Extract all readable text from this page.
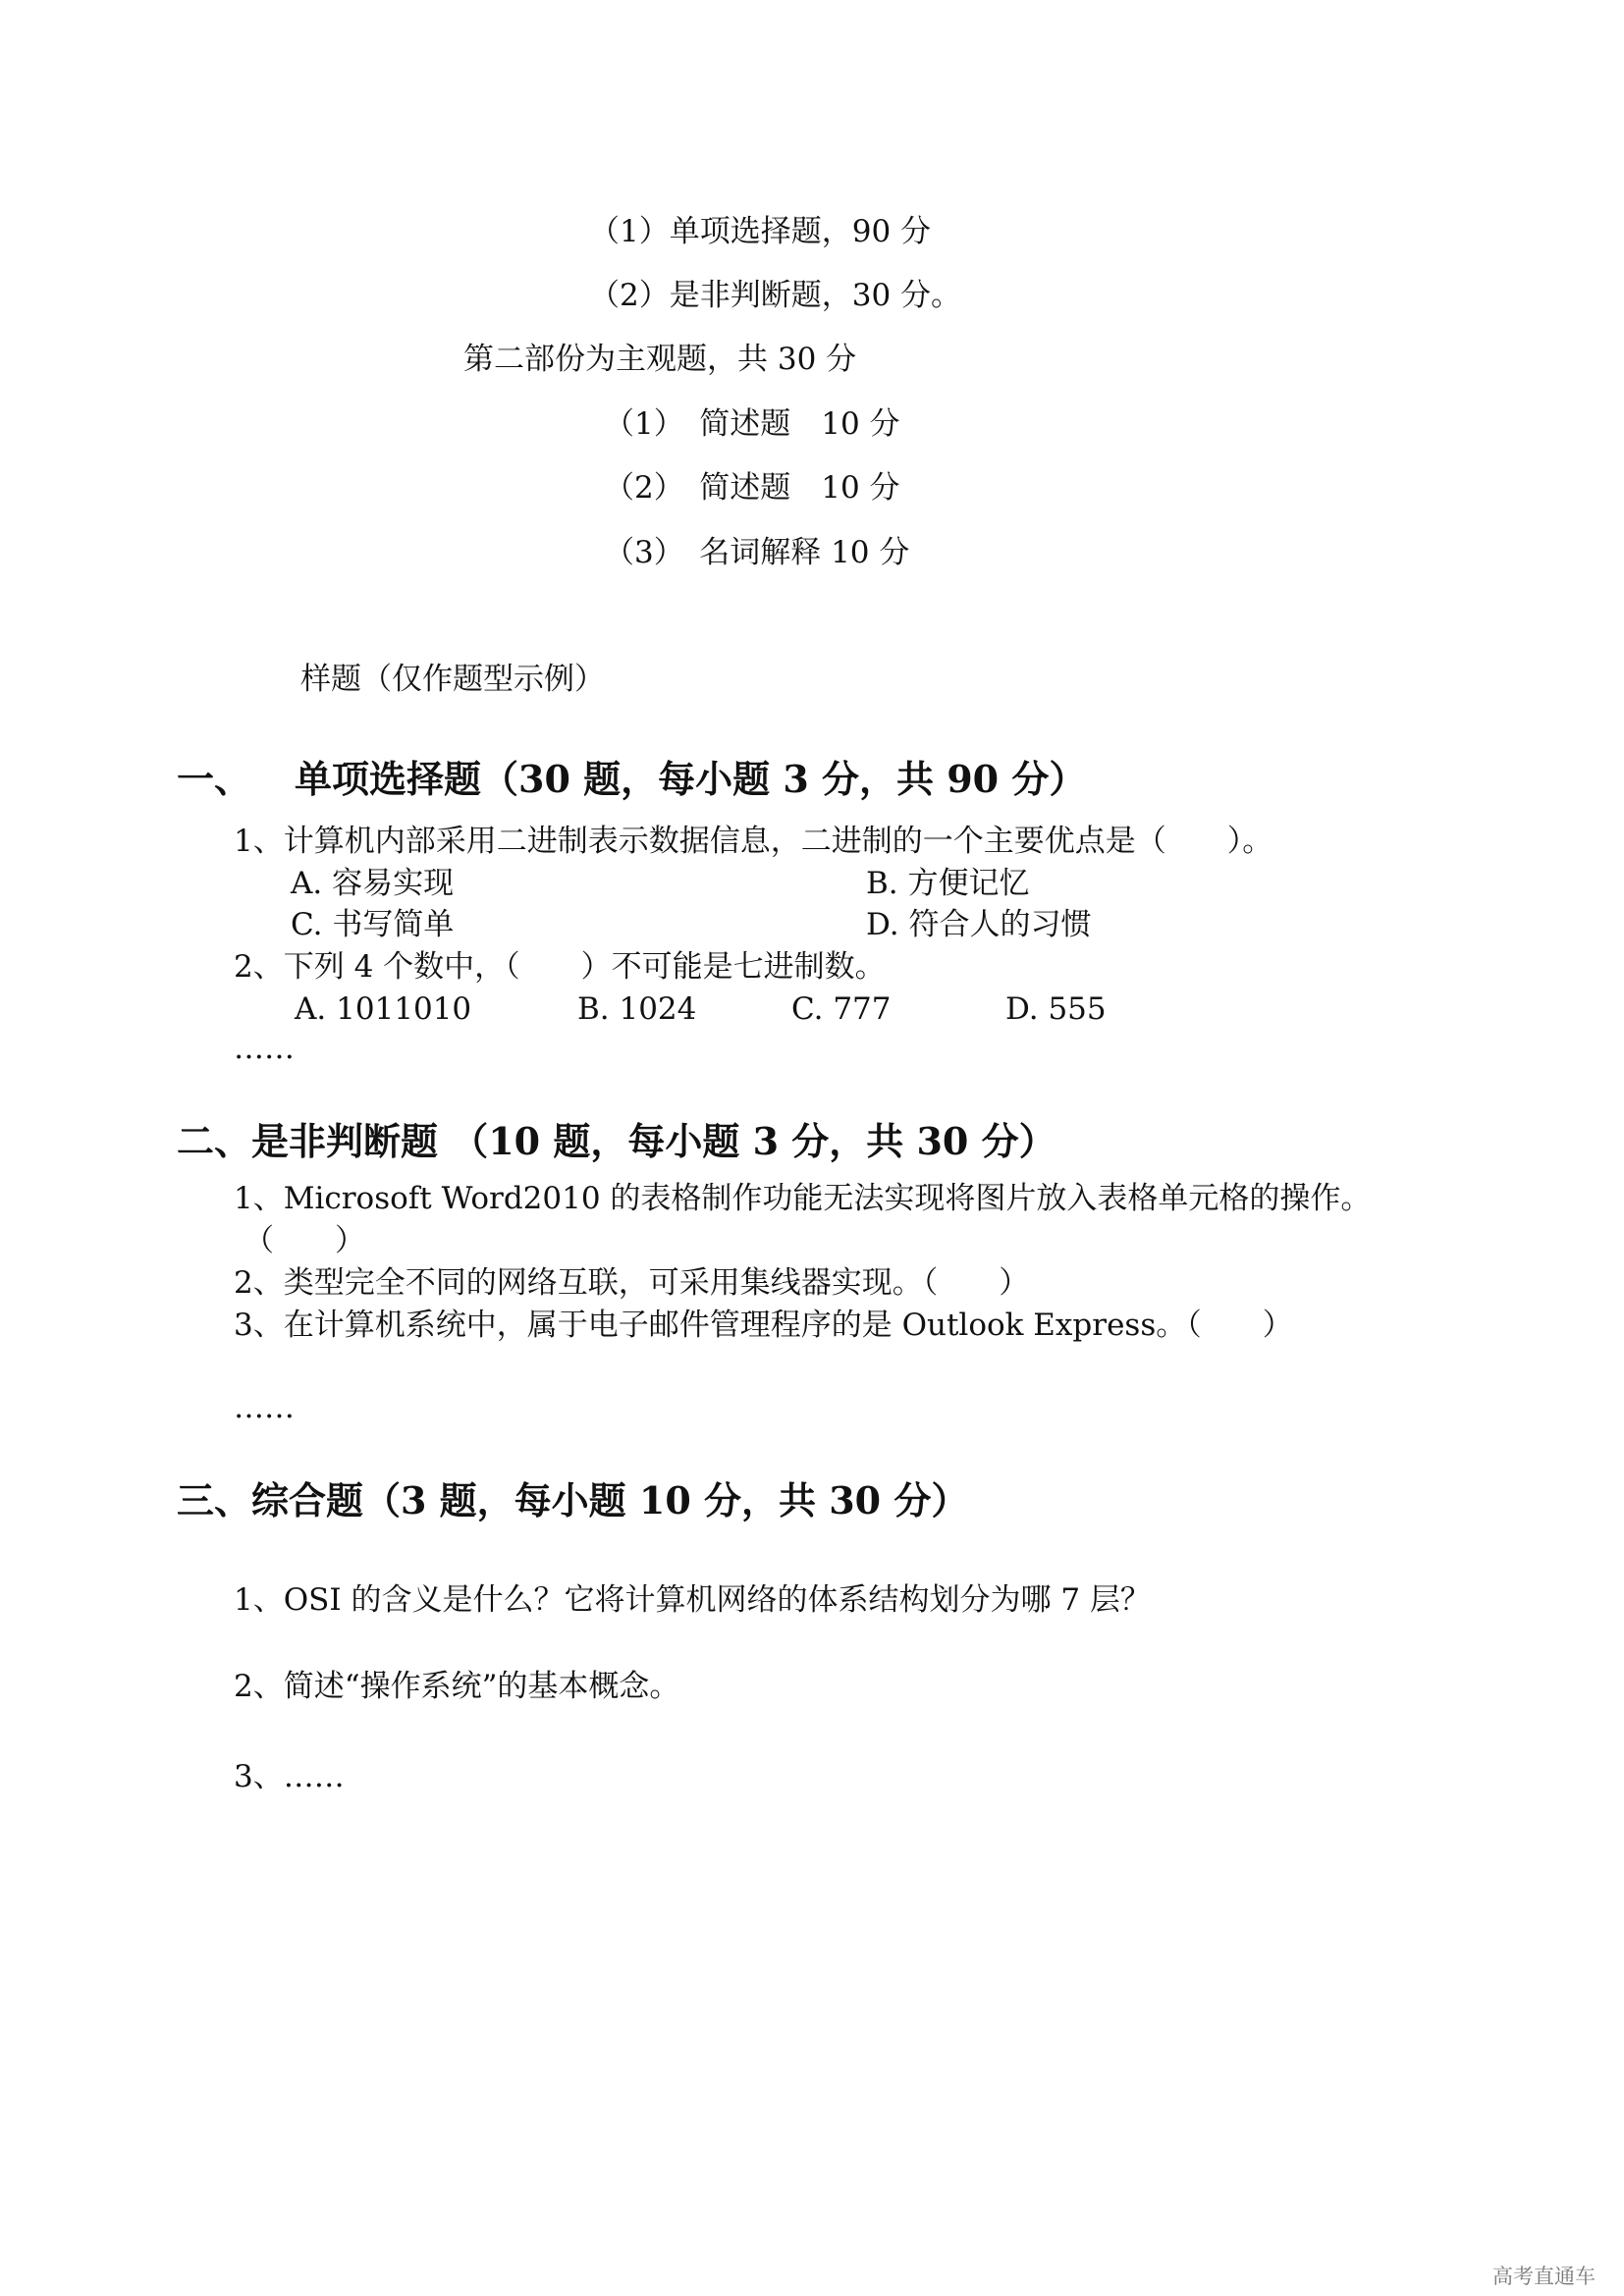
（1）单项选择题，90 分
（2）是非判断题，30 分。
第二部份为主观题，共 30 分
（1）　简述题　10 分
（2）　简述题　10 分
（3）　名词解释 10 分
样题（仅作题型示例）
一、 单项选择题（30 题，每小题 3 分，共 90 分）
1、计算机内部采用二进制表示数据信息，二进制的一个主要优点是（　　）。
A. 容易实现	B. 方便记忆
C. 书写简单	D. 符合人的习惯
2、下列 4 个数中，（　　）不可能是七进制数。
A. 1011010	B. 1024	C. 777	D. 555
……
二、是非判断题 （10 题，每小题 3 分，共 30 分）
1、Microsoft Word2010 的表格制作功能无法实现将图片放入表格单元格的操作。
（　　）
2、类型完全不同的网络互联，可采用集线器实现。（　　）
3、在计算机系统中，属于电子邮件管理程序的是 Outlook Express。（　　）
……
三、综合题（3 题，每小题 10 分，共 30 分）
1、OSI 的含义是什么？它将计算机网络的体系结构划分为哪 7 层？
2、简述“操作系统”的基本概念。
3、……
高考直通车
